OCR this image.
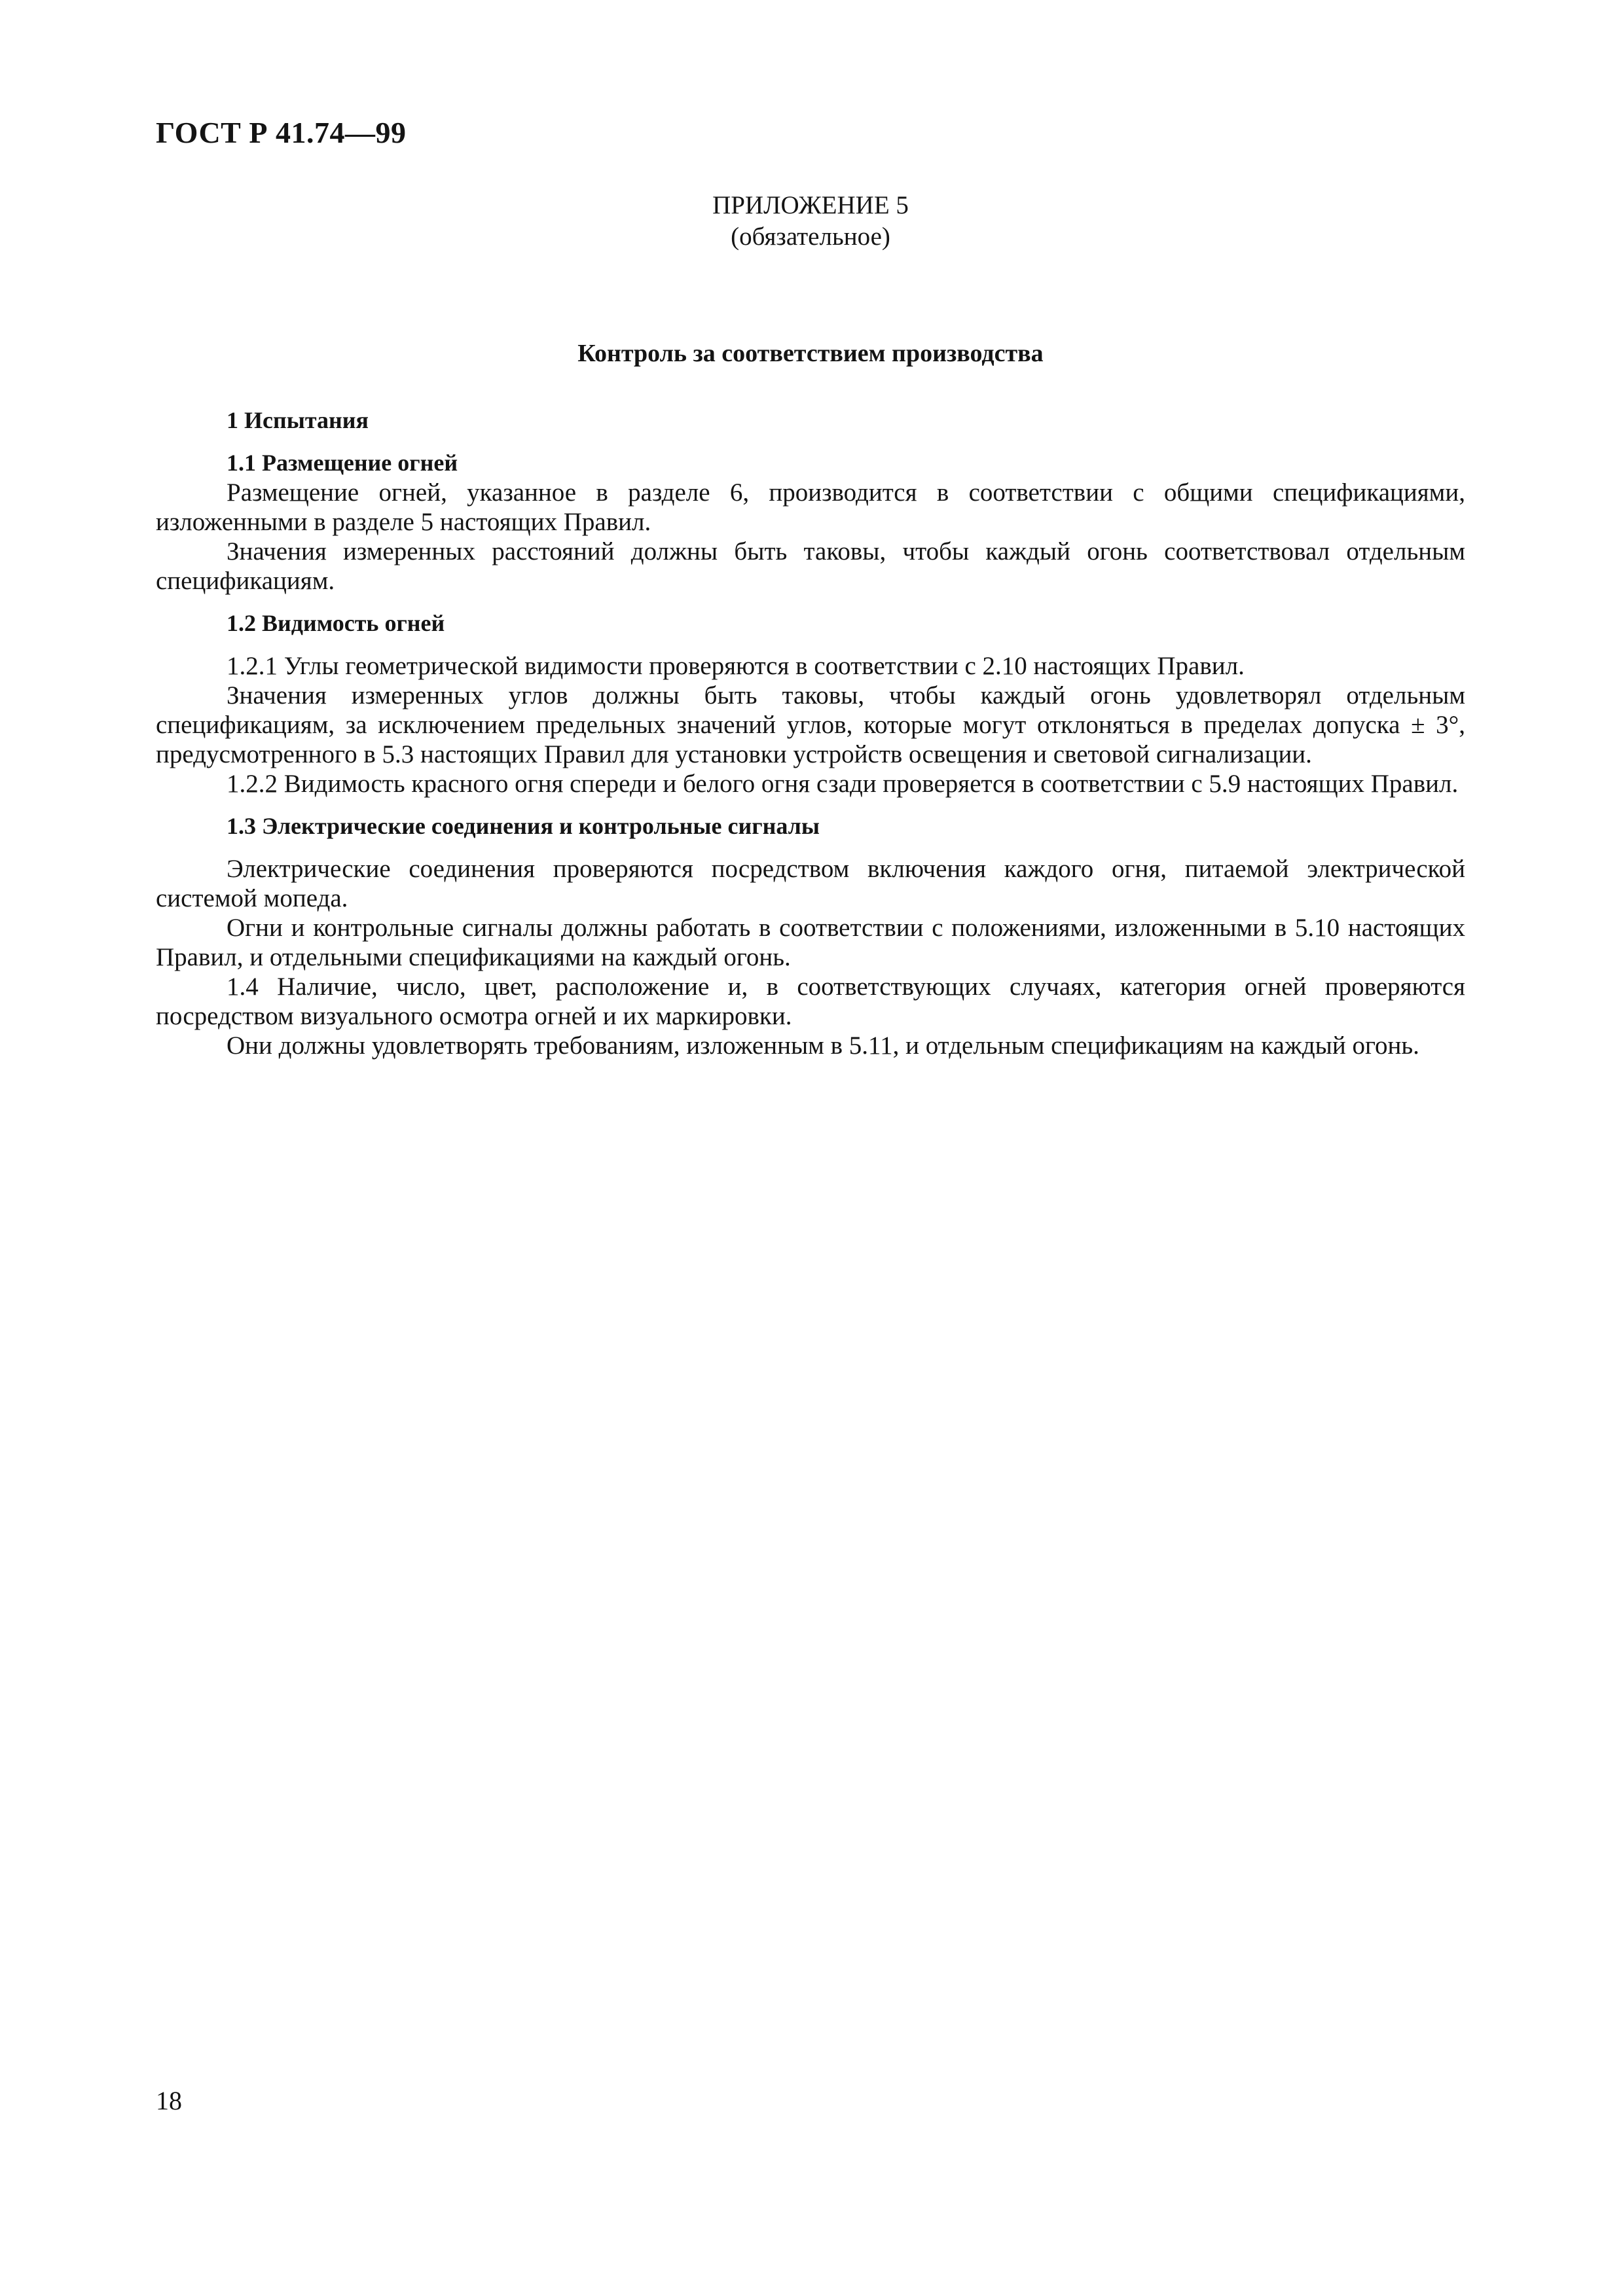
ГОСТ Р 41.74—99
ПРИЛОЖЕНИЕ 5
(обязательное)
Контроль за соответствием производства
1 Испытания
1.1 Размещение огней

Размещение огней, указанное в разделе 6, производится в соответствии с общими спецификациями, изложенными в разделе 5 настоящих Правил.

Значения измеренных расстояний должны быть таковы, чтобы каждый огонь соответствовал отдельным спецификациям.

1.2 Видимость огней

1.2.1 Углы геометрической видимости проверяются в соответствии с 2.10 настоящих Правил.

Значения измеренных углов должны быть таковы, чтобы каждый огонь удовлетворял отдельным спецификациям, за исключением предельных значений углов, которые могут отклоняться в пределах допуска ± 3°, предусмотренного в 5.3 настоящих Правил для установки устройств освещения и световой сигнализации.

1.2.2 Видимость красного огня спереди и белого огня сзади проверяется в соответствии с 5.9 настоящих Правил.

1.3 Электрические соединения и контрольные сигналы

Электрические соединения проверяются посредством включения каждого огня, питаемой электрической системой мопеда.

Огни и контрольные сигналы должны работать в соответствии с положениями, изложенными в 5.10 настоящих Правил, и отдельными спецификациями на каждый огонь.

1.4 Наличие, число, цвет, расположение и, в соответствующих случаях, категория огней проверяются посредством визуального осмотра огней и их маркировки.

Они должны удовлетворять требованиям, изложенным в 5.11, и отдельным спецификациям на каждый огонь.

18
